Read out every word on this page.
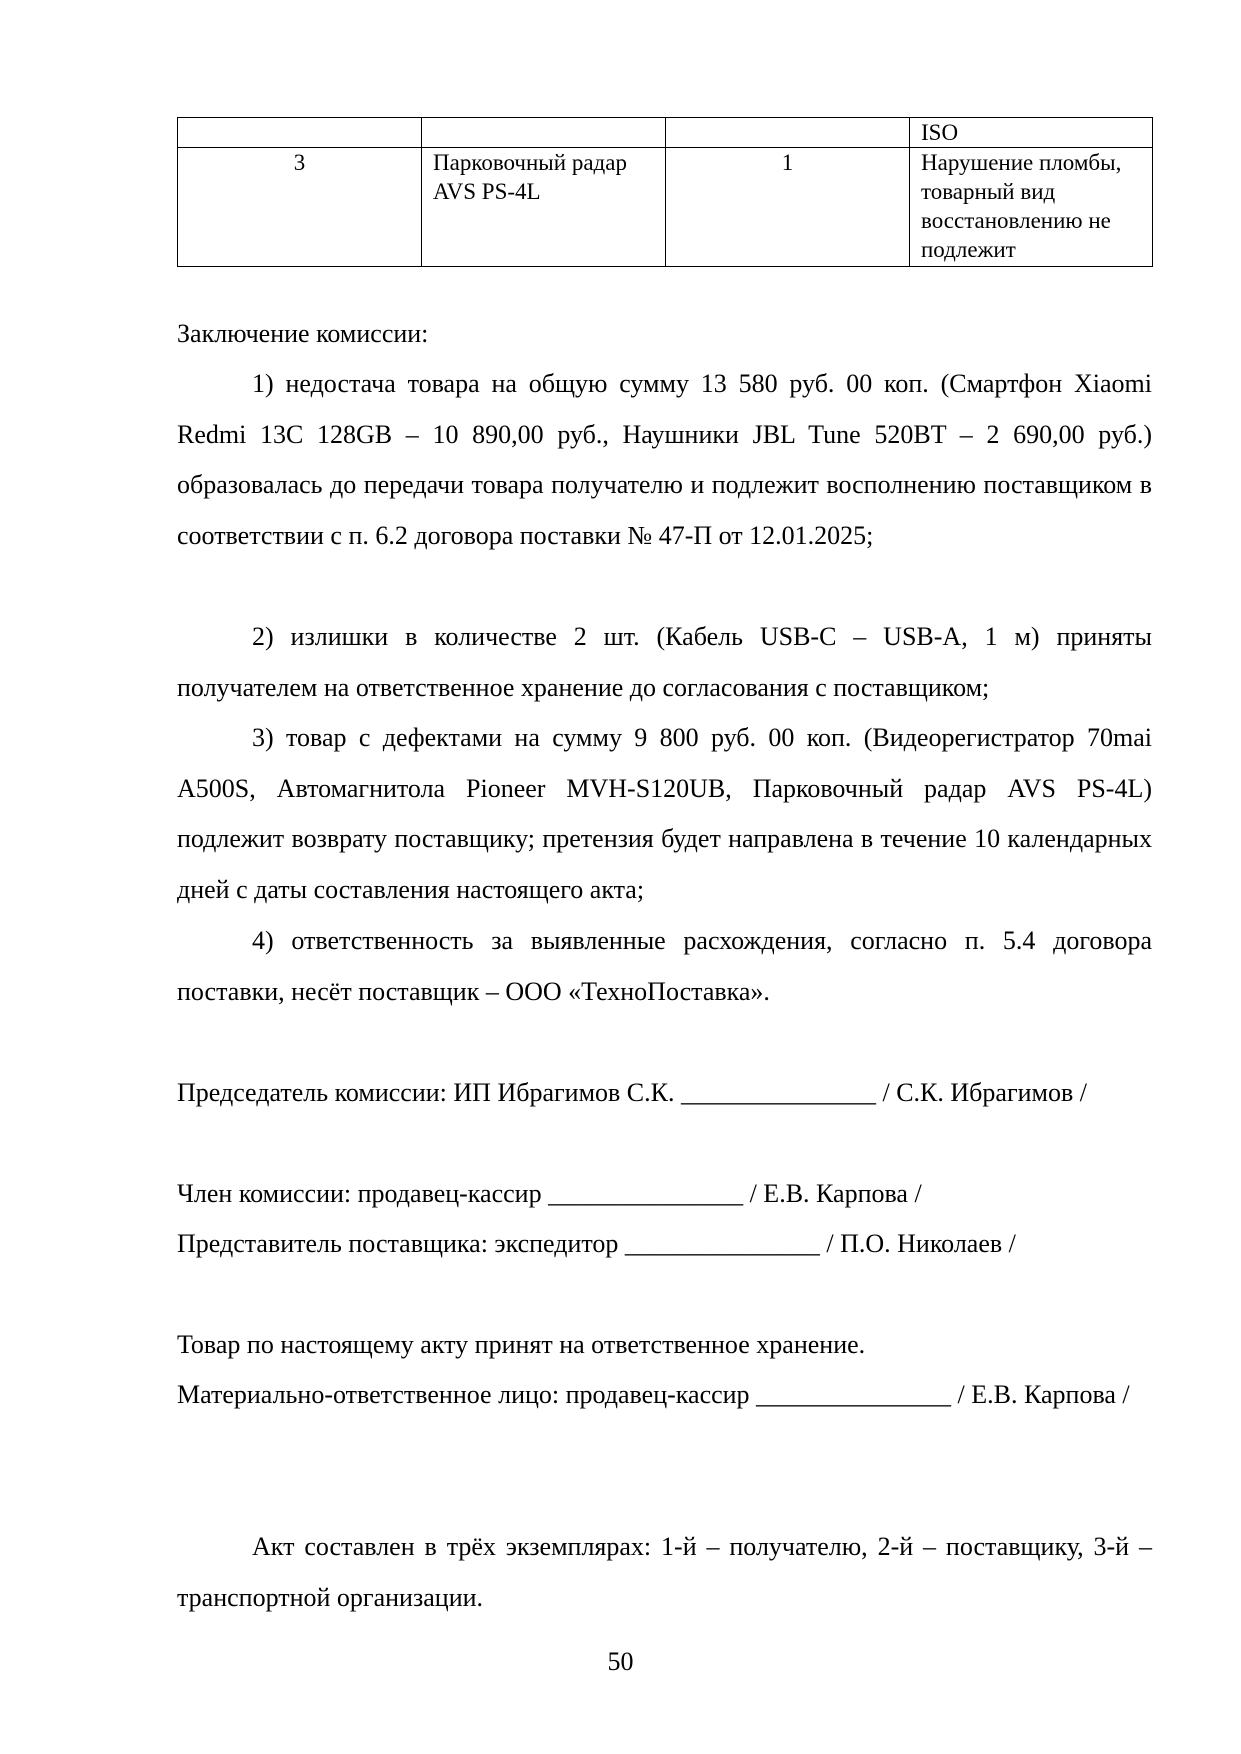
			ISO
3	Парковочный радар AVS PS-4L	1	Нарушение пломбы, товарный вид восстановлению не подлежит
Заключение комиссии:
1) недостача товара на общую сумму 13 580 руб. 00 коп. (Смартфон Xiaomi Redmi 13C 128GB – 10 890,00 руб., Наушники JBL Tune 520BT – 2 690,00 руб.) образовалась до передачи товара получателю и подлежит восполнению поставщиком в соответствии с п. 6.2 договора поставки № 47-П от 12.01.2025;
2) излишки в количестве 2 шт. (Кабель USB-C – USB-A, 1 м) приняты получателем на ответственное хранение до согласования с поставщиком;
3) товар с дефектами на сумму 9 800 руб. 00 коп. (Видеорегистратор 70mai A500S, Автомагнитола Pioneer MVH-S120UB, Парковочный радар AVS PS-4L) подлежит возврату поставщику; претензия будет направлена в течение 10 календарных дней с даты составления настоящего акта;
4) ответственность за выявленные расхождения, согласно п. 5.4 договора поставки, несёт поставщик – ООО «ТехноПоставка».
Председатель комиссии: ИП Ибрагимов С.К. _______________ / С.К. Ибрагимов /
Член комиссии: продавец-кассир _______________ / Е.В. Карпова /
Представитель поставщика: экспедитор _______________ / П.О. Николаев /
Товар по настоящему акту принят на ответственное хранение.
Материально-ответственное лицо: продавец-кассир _______________ / Е.В. Карпова /
Акт составлен в трёх экземплярах: 1-й – получателю, 2-й – поставщику, 3-й – транспортной организации.
50
